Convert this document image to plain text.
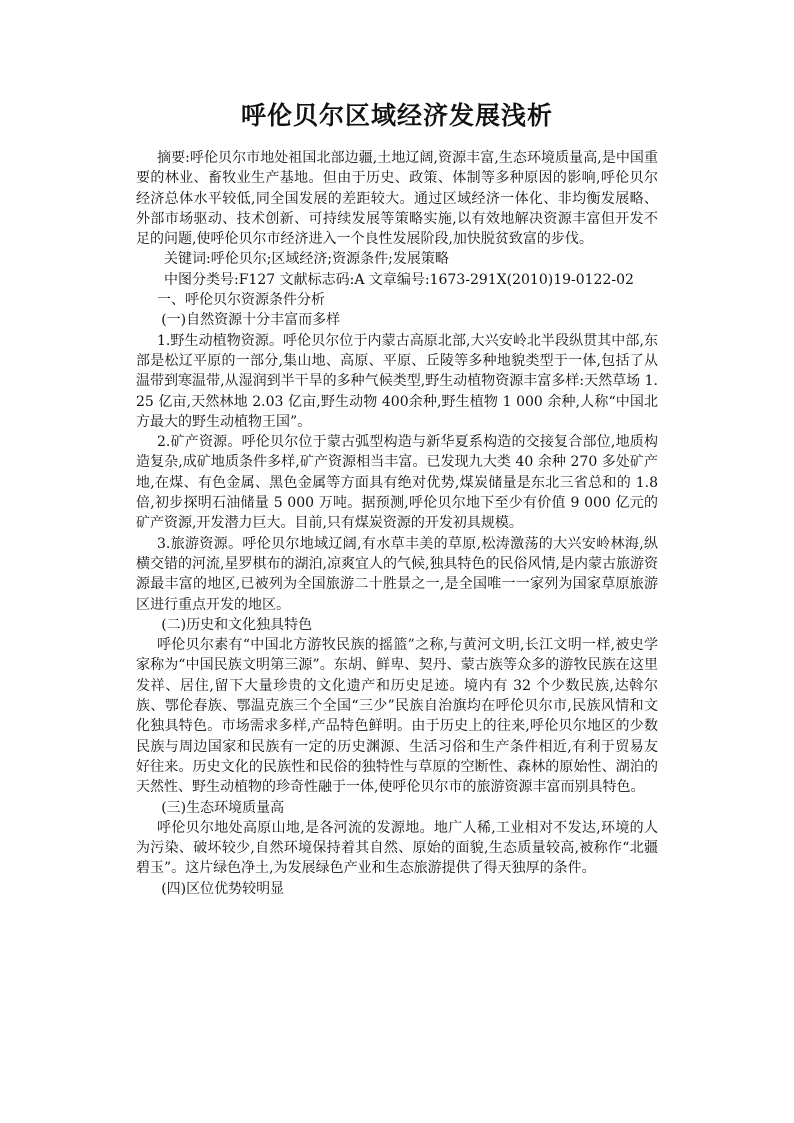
呼伦贝尔区域经济发展浅析

摘要:呼伦贝尔市地处祖国北部边疆,土地辽阔,资源丰富,生态环境质量高,是中国重要的林业、畜牧业生产基地。但由于历史、政策、体制等多种原因的影响,呼伦贝尔经济总体水平较低,同全国发展的差距较大。通过区域经济一体化、非均衡发展略、外部市场驱动、技术创新、可持续发展等策略实施,以有效地解决资源丰富但开发不足的问题,使呼伦贝尔市经济进入一个良性发展阶段,加快脱贫致富的步伐。

关键词:呼伦贝尔;区域经济;资源条件;发展策略

中图分类号:F127 文献标志码:A 文章编号:1673-291X(2010)19-0122-02

一、呼伦贝尔资源条件分析

(一)自然资源十分丰富而多样

1.野生动植物资源。呼伦贝尔位于内蒙古高原北部,大兴安岭北半段纵贯其中部,东部是松辽平原的一部分,集山地、高原、平原、丘陵等多种地貌类型于一体,包括了从温带到寒温带,从湿润到半干旱的多种气候类型,野生动植物资源丰富多样:天然草场 1.25 亿亩,天然林地 2.03 亿亩,野生动物 400余种,野生植物 1 000 余种,人称“中国北方最大的野生动植物王国”。

2.矿产资源。呼伦贝尔位于蒙古弧型构造与新华夏系构造的交接复合部位,地质构造复杂,成矿地质条件多样,矿产资源相当丰富。已发现九大类 40 余种 270 多处矿产地,在煤、有色金属、黑色金属等方面具有绝对优势,煤炭储量是东北三省总和的 1.8 倍,初步探明石油储量 5 000 万吨。据预测,呼伦贝尔地下至少有价值 9 000 亿元的矿产资源,开发潜力巨大。目前,只有煤炭资源的开发初具规模。

3.旅游资源。呼伦贝尔地域辽阔,有水草丰美的草原,松涛激荡的大兴安岭林海,纵横交错的河流,星罗棋布的湖泊,凉爽宜人的气候,独具特色的民俗风情,是内蒙古旅游资源最丰富的地区,已被列为全国旅游二十胜景之一,是全国唯一一家列为国家草原旅游区进行重点开发的地区。

(二)历史和文化独具特色

呼伦贝尔素有“中国北方游牧民族的摇篮”之称,与黄河文明,长江文明一样,被史学家称为“中国民族文明第三源”。东胡、鲜卑、契丹、蒙古族等众多的游牧民族在这里发祥、居住,留下大量珍贵的文化遗产和历史足迹。境内有 32 个少数民族,达斡尔族、鄂伦春族、鄂温克族三个全国“三少”民族自治旗均在呼伦贝尔市,民族风情和文化独具特色。市场需求多样,产品特色鲜明。由于历史上的往来,呼伦贝尔地区的少数民族与周边国家和民族有一定的历史渊源、生活习俗和生产条件相近,有利于贸易友好往来。历史文化的民族性和民俗的独特性与草原的空断性、森林的原始性、湖泊的天然性、野生动植物的珍奇性融于一体,使呼伦贝尔市的旅游资源丰富而别具特色。

(三)生态环境质量高

呼伦贝尔地处高原山地,是各河流的发源地。地广人稀,工业相对不发达,环境的人为污染、破坏较少,自然环境保持着其自然、原始的面貌,生态质量较高,被称作“北疆碧玉”。这片绿色净土,为发展绿色产业和生态旅游提供了得天独厚的条件。

(四)区位优势较明显
